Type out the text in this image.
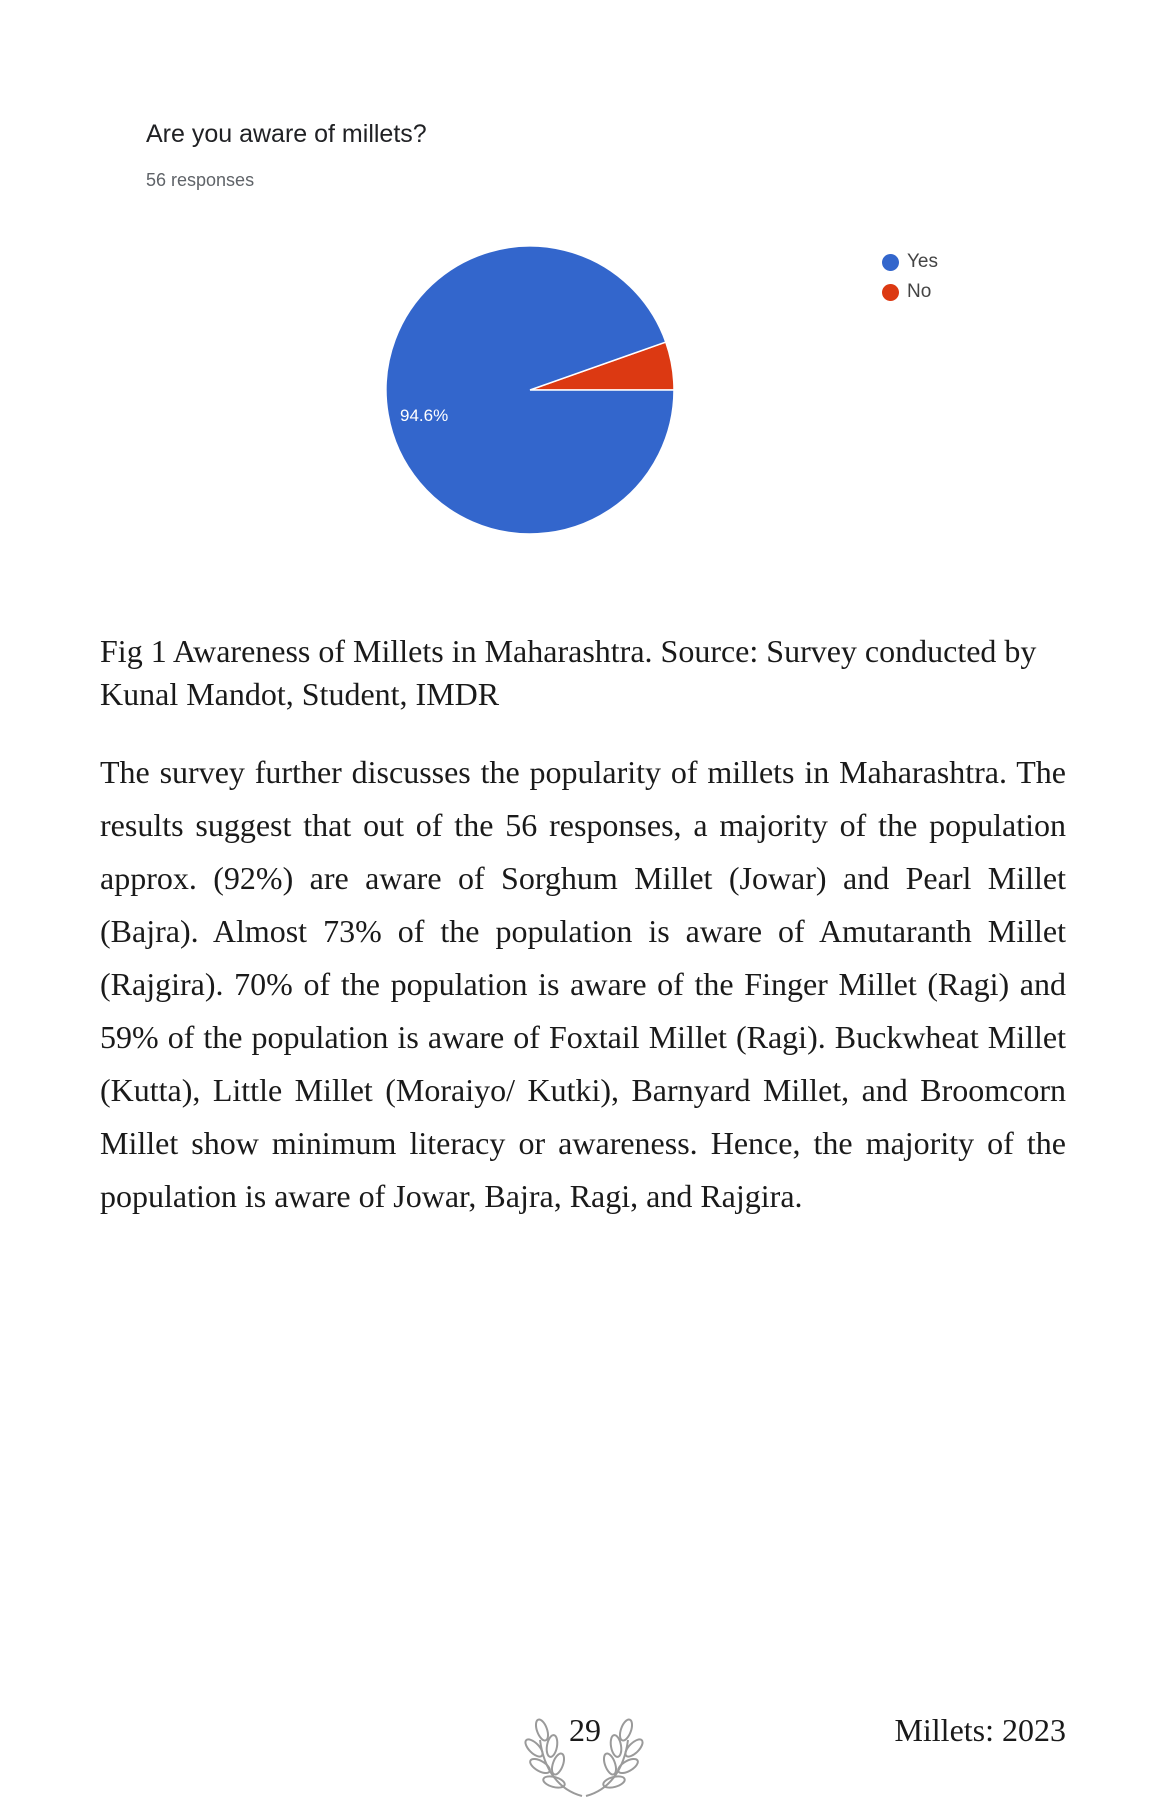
Are you aware of millets?
56 responses
94.6%
Yes
No

Fig 1 Awareness of Millets in Maharashtra. Source: Survey conducted by Kunal Mandot, Student, IMDR

The survey further discusses the popularity of millets in Maharashtra. The results suggest that out of the 56 responses, a majority of the population approx. (92%) are aware of Sorghum Millet (Jowar) and Pearl Millet (Bajra). Almost 73% of the population is aware of Amutaranth Millet (Rajgira). 70% of the population is aware of the Finger Millet (Ragi) and 59% of the population is aware of Foxtail Millet (Ragi). Buckwheat Millet (Kutta), Little Millet (Moraiyo/ Kutki), Barnyard Millet, and Broomcorn Millet show minimum literacy or awareness. Hence, the majority of the population is aware of Jowar, Bajra, Ragi, and Rajgira.

29	Millets: 2023
